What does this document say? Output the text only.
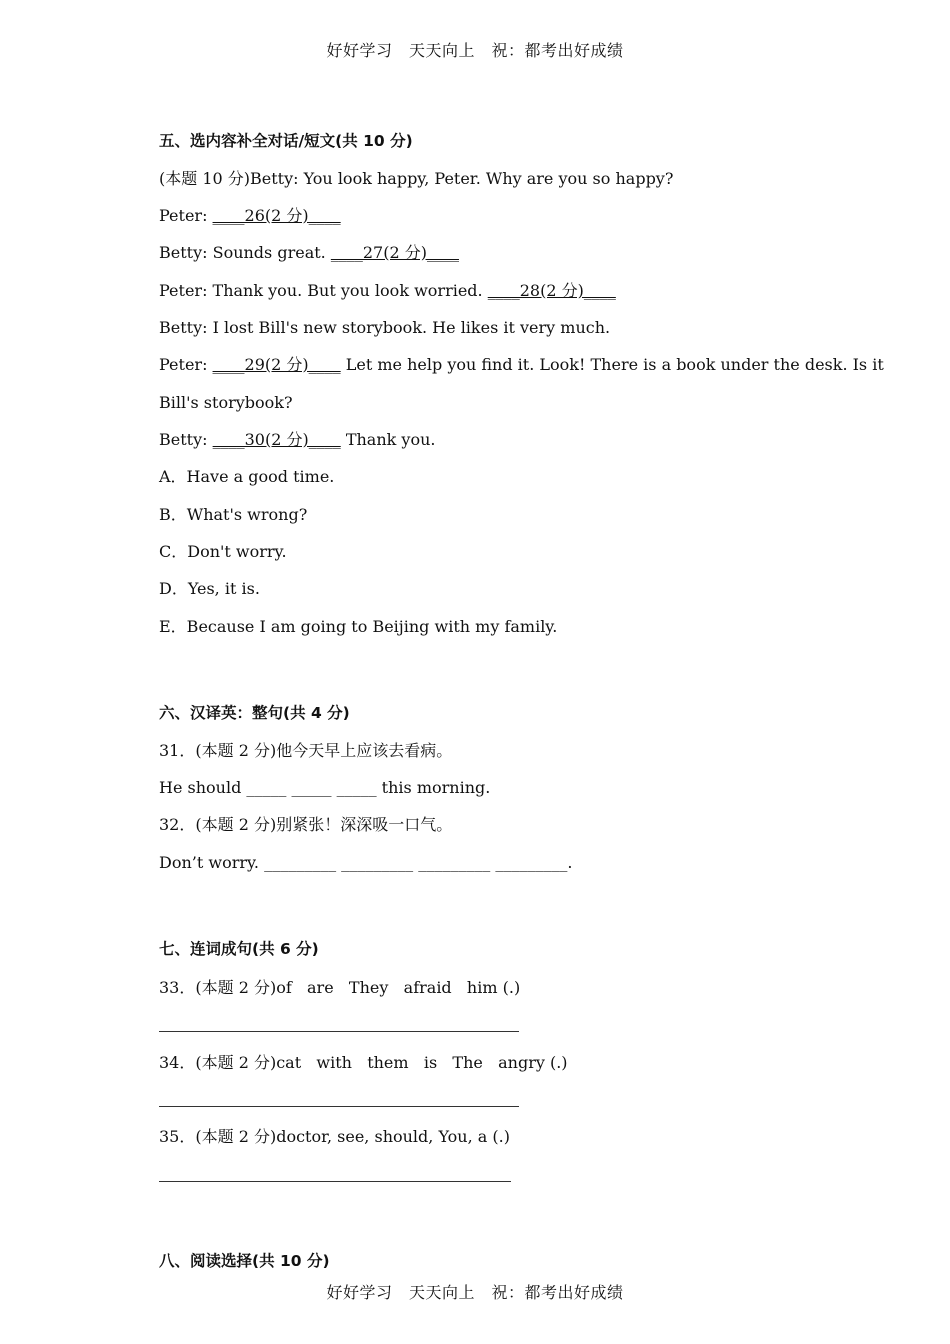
好好学习　天天向上　祝：都考出好成绩
五、选内容补全对话/短文(共 10 分)
(本题 10 分)Betty: You look happy, Peter. Why are you so happy?
Peter: ____26(2 分)____
Betty: Sounds great. ____27(2 分)____
Peter: Thank you. But you look worried. ____28(2 分)____
Betty: I lost Bill's new storybook. He likes it very much.
Peter: ____29(2 分)____ Let me help you find it. Look! There is a book under the desk. Is it
Bill's storybook?
Betty: ____30(2 分)____ Thank you.
A．Have a good time.
B．What's wrong?
C．Don't worry.
D．Yes, it is.
E．Because I am going to Beijing with my family.
六、汉译英：整句(共 4 分)
31．(本题 2 分)他今天早上应该去看病。
He should _____ _____ _____ this morning.
32．(本题 2 分)别紧张！深深吸一口气。
Don’t worry. _________ _________ _________ _________.
七、连词成句(共 6 分)
33．(本题 2 分)of   are   They   afraid   him (.)
34．(本题 2 分)cat   with   them   is   The   angry (.)
35．(本题 2 分)doctor, see, should, You, a (.)
八、阅读选择(共 10 分)
好好学习　天天向上　祝：都考出好成绩
